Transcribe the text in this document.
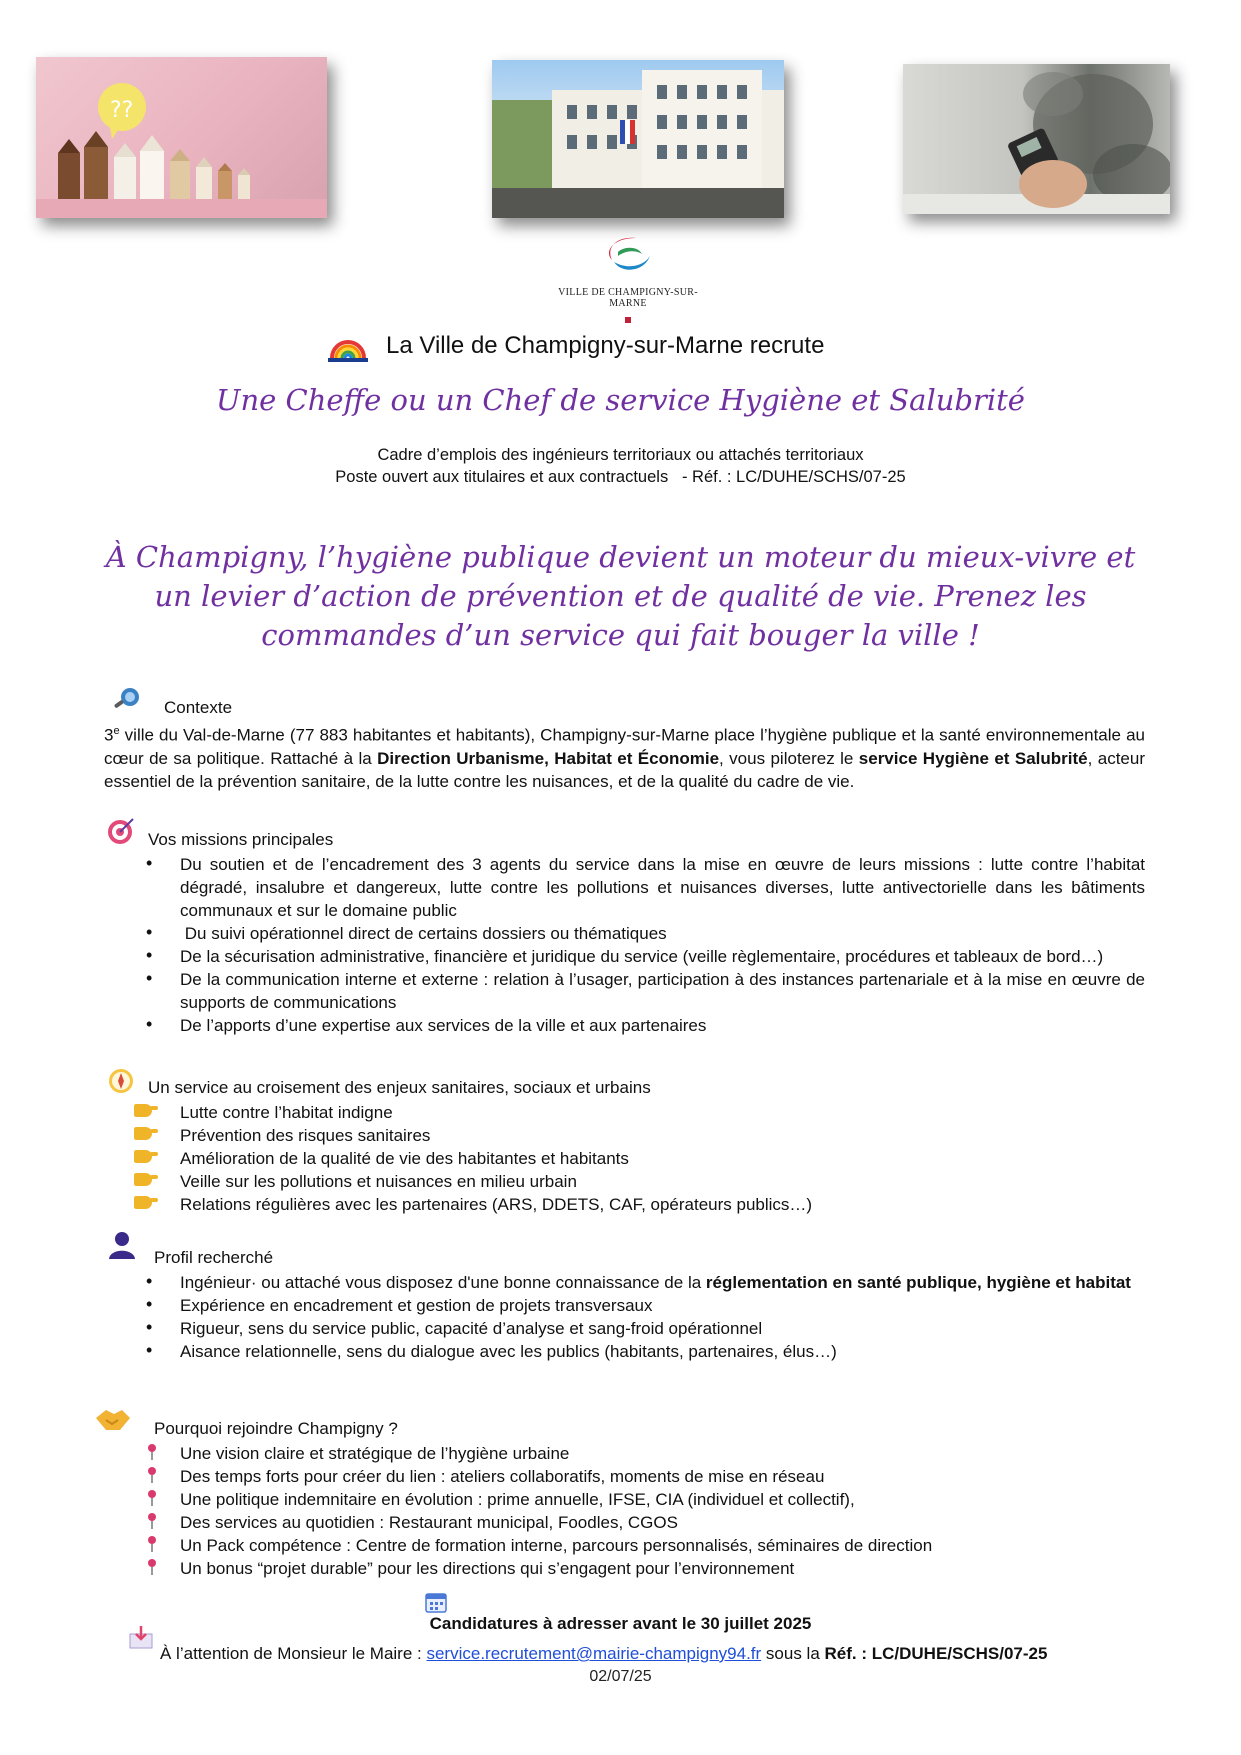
??
VILLE DE CHAMPIGNY-SUR-MARNE
La Ville de Champigny-sur-Marne recrute
Une Cheffe ou un Chef de service Hygiène et Salubrité
Cadre d’emplois des ingénieurs territoriaux ou attachés territoriaux
Poste ouvert aux titulaires et aux contractuels   - Réf. : LC/DUHE/SCHS/07-25
À Champigny, l’hygiène publique devient un moteur du mieux-vivre et un levier d’action de prévention et de qualité de vie. Prenez les commandes d’un service qui fait bouger la ville !
Contexte
3e ville du Val-de-Marne (77 883 habitantes et habitants), Champigny-sur-Marne place l’hygiène publique et la santé environnementale au cœur de sa politique. Rattaché à la Direction Urbanisme, Habitat et Économie, vous piloterez le service Hygiène et Salubrité, acteur essentiel de la prévention sanitaire, de la lutte contre les nuisances, et de la qualité du cadre de vie.
Vos missions principales
• Du soutien et de l’encadrement des 3 agents du service dans la mise en œuvre de leurs missions : lutte contre l’habitat dégradé, insalubre et dangereux, lutte contre les pollutions et nuisances diverses, lutte antivectorielle dans les bâtiments communaux et sur le domaine public
•  Du suivi opérationnel direct de certains dossiers ou thématiques
• De la sécurisation administrative, financière et juridique du service (veille règlementaire, procédures et tableaux de bord…)
• De la communication interne et externe : relation à l’usager, participation à des instances partenariale et à la mise en œuvre de supports de communications
• De l’apports d’une expertise aux services de la ville et aux partenaires
Un service au croisement des enjeux sanitaires, sociaux et urbains
Lutte contre l’habitat indigne
Prévention des risques sanitaires
Amélioration de la qualité de vie des habitantes et habitants
Veille sur les pollutions et nuisances en milieu urbain
Relations régulières avec les partenaires (ARS, DDETS, CAF, opérateurs publics…)
Profil recherché
• Ingénieur· ou attaché vous disposez d'une bonne connaissance de la réglementation en santé publique, hygiène et habitat
• Expérience en encadrement et gestion de projets transversaux
• Rigueur, sens du service public, capacité d’analyse et sang-froid opérationnel
• Aisance relationnelle, sens du dialogue avec les publics (habitants, partenaires, élus…)
Pourquoi rejoindre Champigny ?
Une vision claire et stratégique de l’hygiène urbaine
Des temps forts pour créer du lien : ateliers collaboratifs, moments de mise en réseau
Une politique indemnitaire en évolution : prime annuelle, IFSE, CIA (individuel et collectif),
Des services au quotidien : Restaurant municipal, Foodles, CGOS
Un Pack compétence : Centre de formation interne, parcours personnalisés, séminaires de direction
Un bonus “projet durable” pour les directions qui s’engagent pour l’environnement
Candidatures à adresser avant le 30 juillet 2025
À l’attention de Monsieur le Maire : service.recrutement@mairie-champigny94.fr sous la Réf. : LC/DUHE/SCHS/07-25
02/07/25
